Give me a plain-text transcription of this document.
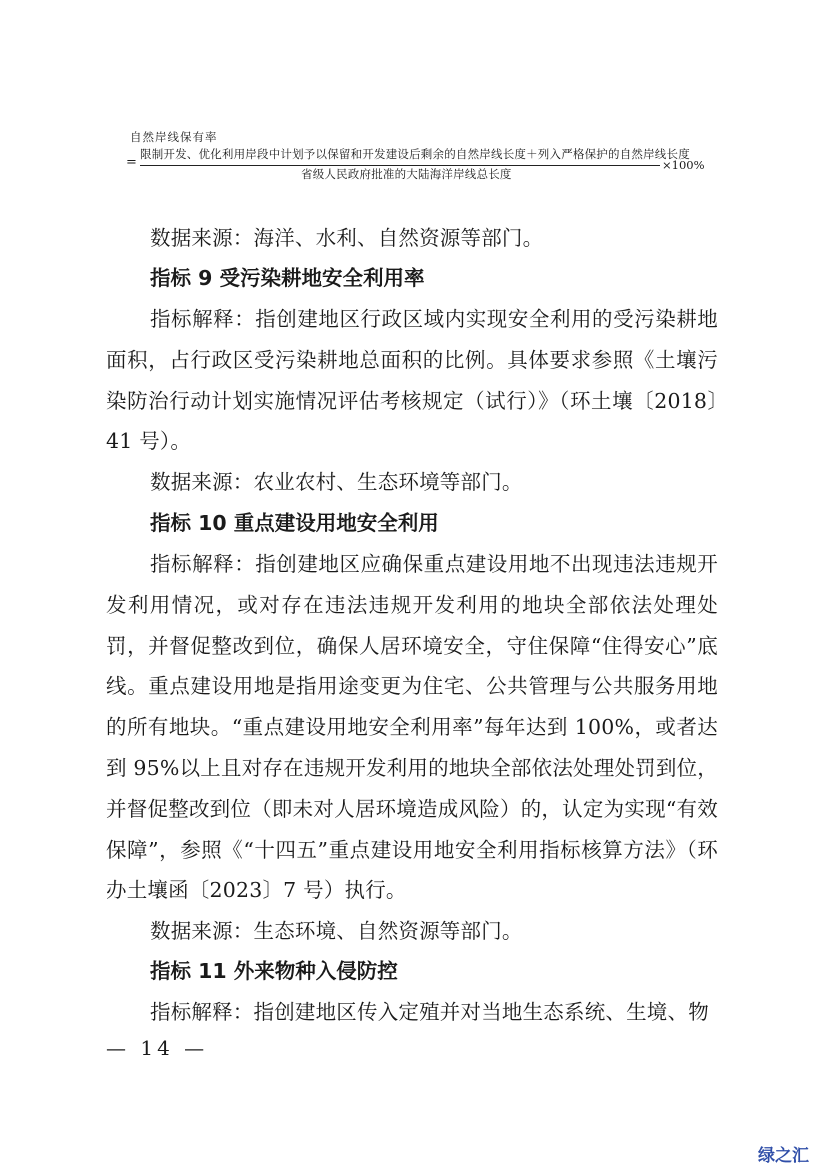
自然岸线保有率
=
限制开发、优化利用岸段中计划予以保留和开发建设后剩余的自然岸线长度＋列入严格保护的自然岸线长度
省级人民政府批准的大陆海洋岸线总长度
×100%
数据来源：海洋、水利、自然资源等部门。
指标 9 受污染耕地安全利用率
指标解释：指创建地区行政区域内实现安全利用的受污染耕地面积，占行政区受污染耕地总面积的比例。具体要求参照《土壤污染防治行动计划实施情况评估考核规定（试行）》（环土壤〔2018〕41 号）。
数据来源：农业农村、生态环境等部门。
指标 10 重点建设用地安全利用
指标解释：指创建地区应确保重点建设用地不出现违法违规开发利用情况，或对存在违法违规开发利用的地块全部依法处理处罚，并督促整改到位，确保人居环境安全，守住保障“住得安心”底线。重点建设用地是指用途变更为住宅、公共管理与公共服务用地的所有地块。“重点建设用地安全利用率”每年达到 100%，或者达到 95%以上且对存在违规开发利用的地块全部依法处理处罚到位，并督促整改到位（即未对人居环境造成风险）的，认定为实现“有效保障”，参照《“十四五”重点建设用地安全利用指标核算方法》（环办土壤函〔2023〕7 号）执行。
数据来源：生态环境、自然资源等部门。
指标 11 外来物种入侵防控
指标解释：指创建地区传入定殖并对当地生态系统、生境、物
— 14 —
绿之汇
